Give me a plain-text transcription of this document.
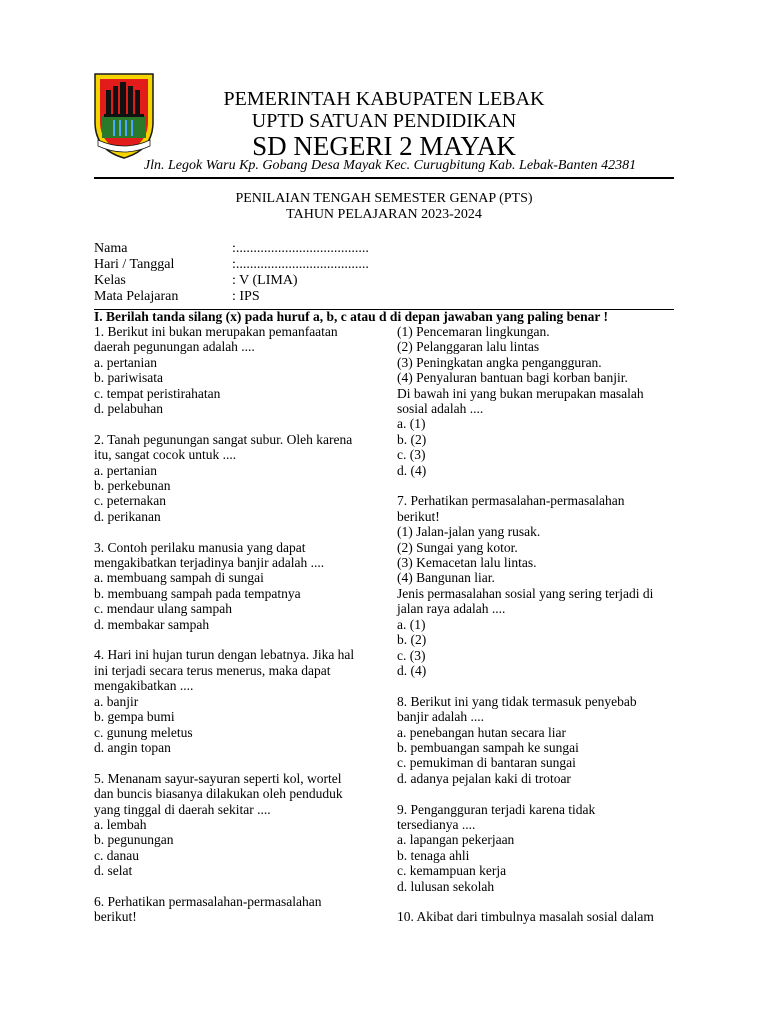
PEMERINTAH KABUPATEN LEBAK
UPTD SATUAN PENDIDIKAN
SD NEGERI 2 MAYAK
Jln. Legok Waru Kp. Gobang Desa Mayak Kec. Curugbitung Kab. Lebak-Banten 42381
PENILAIAN TENGAH SEMESTER GENAP (PTS)
TAHUN PELAJARAN 2023-2024
Nama	:......................................
Hari / Tanggal	:......................................
Kelas	: V (LIMA)
Mata Pelajaran	: IPS
I. Berilah tanda silang (x) pada huruf a, b, c atau d di depan jawaban yang paling benar !
1. Berikut ini bukan merupakan pemanfaatan
daerah pegunungan adalah ....
a. pertanian
b. pariwisata
c. tempat peristirahatan
d. pelabuhan
2. Tanah pegunungan sangat subur. Oleh karena
itu, sangat cocok untuk ....
a. pertanian
b. perkebunan
c. peternakan
d. perikanan
3. Contoh perilaku manusia yang dapat
mengakibatkan terjadinya banjir adalah ....
a. membuang sampah di sungai
b. membuang sampah pada tempatnya
c. mendaur ulang sampah
d. membakar sampah
4. Hari ini hujan turun dengan lebatnya. Jika hal
ini terjadi secara terus menerus, maka dapat
mengakibatkan ....
a. banjir
b. gempa bumi
c. gunung meletus
d. angin topan
5. Menanam sayur-sayuran seperti kol, wortel
dan buncis biasanya dilakukan oleh penduduk
yang tinggal di daerah sekitar ....
a. lembah
b. pegunungan
c. danau
d. selat
6. Perhatikan permasalahan-permasalahan
berikut!
(1) Pencemaran lingkungan.
(2) Pelanggaran lalu lintas
(3) Peningkatan angka pengangguran.
(4) Penyaluran bantuan bagi korban banjir.
Di bawah ini yang bukan merupakan masalah
sosial adalah ....
a. (1)
b. (2)
c. (3)
d. (4)
7. Perhatikan permasalahan-permasalahan
berikut!
(1) Jalan-jalan yang rusak.
(2) Sungai yang kotor.
(3) Kemacetan lalu lintas.
(4) Bangunan liar.
Jenis permasalahan sosial yang sering terjadi di
jalan raya adalah ....
a. (1)
b. (2)
c. (3)
d. (4)
8. Berikut ini yang tidak termasuk penyebab
banjir adalah ....
a. penebangan hutan secara liar
b. pembuangan sampah ke sungai
c. pemukiman di bantaran sungai
d. adanya pejalan kaki di trotoar
9. Pengangguran terjadi karena tidak
tersedianya ....
a. lapangan pekerjaan
b. tenaga ahli
c. kemampuan kerja
d. lulusan sekolah
10. Akibat dari timbulnya masalah sosial dalam
